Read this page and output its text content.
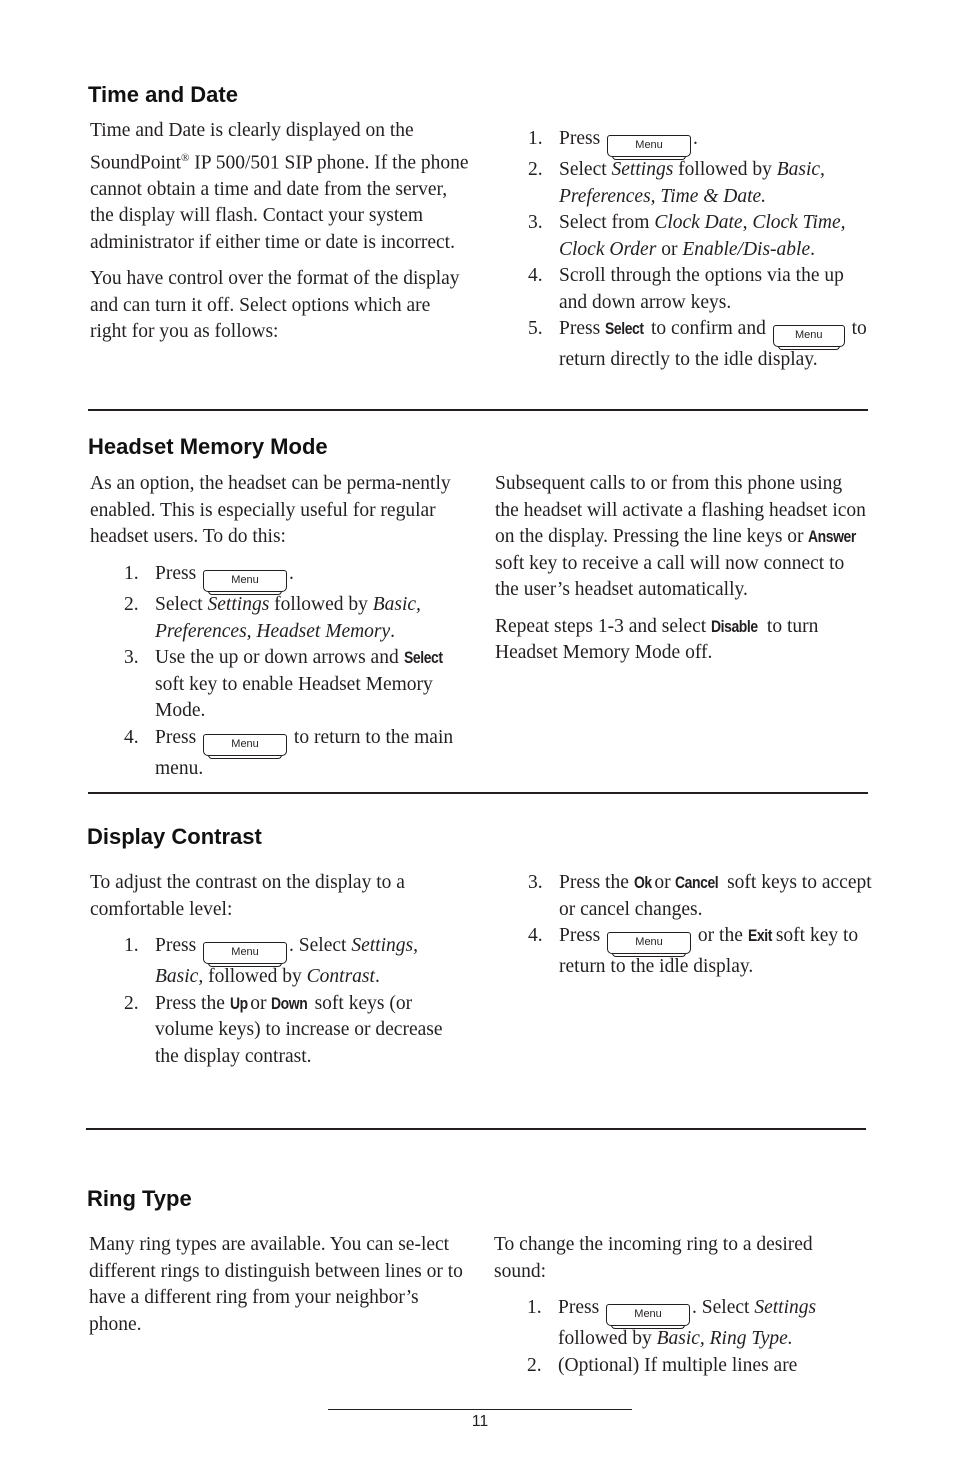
Time and Date

Time and Date is clearly displayed on the SoundPoint® IP 500/501 SIP phone. If the phone cannot obtain a time and date from the server, the display will flash. Contact your system administrator if either time or date is incorrect.

You have control over the format of the display and can turn it off. Select options which are right for you as follows:

1. Press	Menu .
2. Select Settings followed by Basic, Preferences, Time & Date.
3. Select from Clock Date, Clock Time, Clock Order or Enable/Dis-able.
4. Scroll through the options via the up and down arrow keys.
5. Press Select to confirm and Menu to return directly to the idle display.
Headset Memory Mode

As an option, the headset can be perma-nently enabled. This is especially useful for regular headset users. To do this:

1. Press	Menu .
2. Select Settings followed by Basic, Preferences, Headset Memory.
3. Use the up or down arrows and Select soft key to enable Headset Memory Mode.
4. Press	Menu to return to the main menu.

Subsequent calls to or from this phone using the headset will activate a flashing headset icon on the display. Pressing the line keys or Answer soft key to receive a call will now connect to the user’s headset automatically.

Repeat steps 1-3 and select Disable to turn Headset Memory Mode off.

Display Contrast

To adjust the contrast on the display to a comfortable level:

1. Press	Menu . Select Settings, Basic, followed by Contrast.
2. Press the Up or Down soft keys (or volume keys) to increase or decrease the display contrast.
3. Press the Ok or Cancel soft keys to accept or cancel changes.
4. Press	Menu or the Exit soft key to return to the idle display.
Ring Type

Many ring types are available. You can se-lect different rings to distinguish between lines or to have a different ring from your neighbor’s phone.

To change the incoming ring to a desired sound:

1. Press	Menu . Select Settings followed by Basic, Ring Type.
2. (Optional) If multiple lines are
11
